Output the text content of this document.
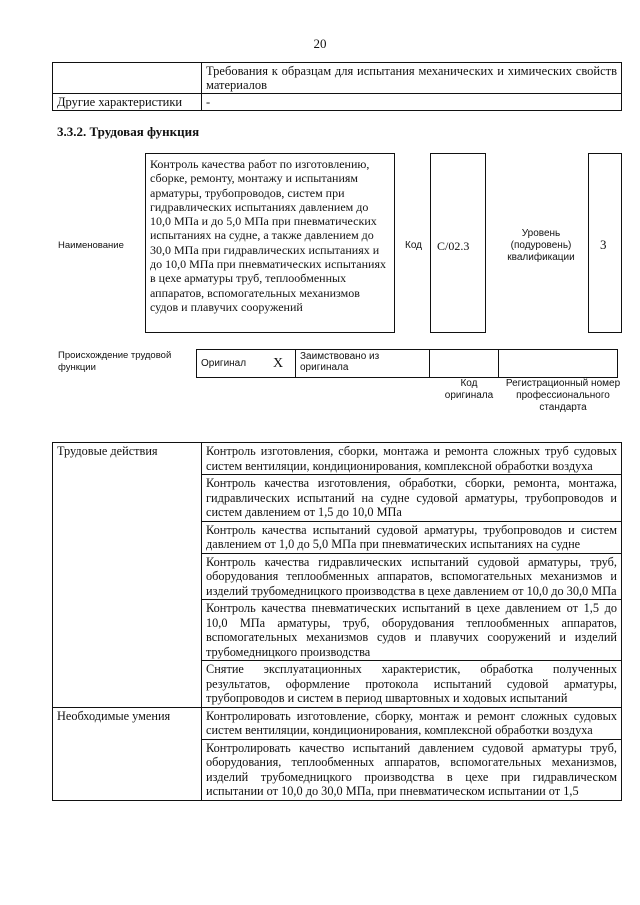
20
	Требования к образцам для испытания механических и химических свойств материалов
Другие характеристики	-
3.3.2. Трудовая функция
Наименование
Контроль качества работ по изготовлению, сборке, ремонту, монтажу и испытаниям арматуры, трубопроводов, систем при гидравлических испытаниях давлением до 10,0 МПа и до 5,0 МПа при пневматических испытаниях на судне, а также давлением до 30,0 МПа при гидравлических испытаниях и до 10,0 МПа при пневматических испытаниях в цехе арматуры труб, теплообменных аппаратов, вспомогательных механизмов судов и плавучих сооружений
Код С/02.3
Уровень (подуровень) квалификации
3
Происхождение трудовой функции	Оригинал	X	Заимствовано из оригинала		
Код оригинала
Регистрационный номер профессионального стандарта
Трудовые действия	Контроль изготовления, сборки, монтажа и ремонта сложных труб судовых систем вентиляции, кондиционирования, комплексной обработки воздуха
	Контроль качества изготовления, обработки, сборки, ремонта, монтажа, гидравлических испытаний на судне судовой арматуры, трубопроводов и систем давлением от 1,5 до 10,0 МПа
	Контроль качества испытаний судовой арматуры, трубопроводов и систем давлением от 1,0 до 5,0 МПа при пневматических испытаниях на судне
	Контроль качества гидравлических испытаний судовой арматуры, труб, оборудования теплообменных аппаратов, вспомогательных механизмов и изделий трубомедницкого производства в цехе давлением от 10,0 до 30,0 МПа
	Контроль качества пневматических испытаний в цехе давлением от 1,5 до 10,0 МПа арматуры, труб, оборудования теплообменных аппаратов, вспомогательных механизмов судов и плавучих сооружений и изделий трубомедницкого производства
	Снятие эксплуатационных характеристик, обработка полученных результатов, оформление протокола испытаний судовой арматуры, трубопроводов и систем в период швартовных и ходовых испытаний
Необходимые умения	Контролировать изготовление, сборку, монтаж и ремонт сложных судовых систем вентиляции, кондиционирования, комплексной обработки воздуха
	Контролировать качество испытаний давлением судовой арматуры труб, оборудования, теплообменных аппаратов, вспомогательных механизмов, изделий трубомедницкого производства в цехе при гидравлическом испытании от 10,0 до 30,0 МПа, при пневматическом испытании от 1,5
